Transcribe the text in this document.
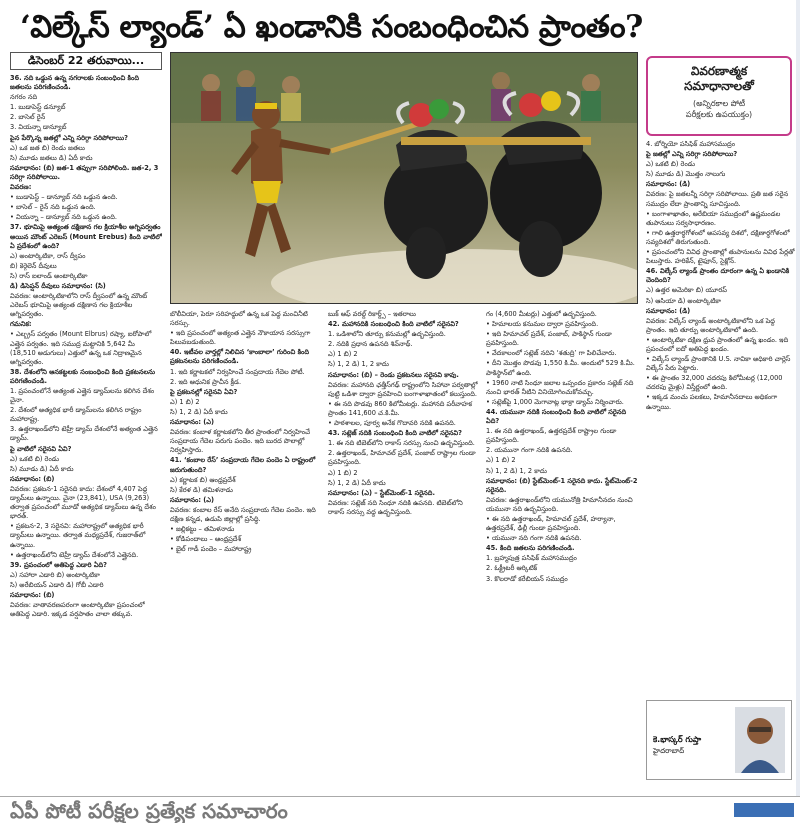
‘విల్కేస్ ల్యాండ్’ ఏ ఖండానికి సంబంధించిన ప్రాంతం?
డిసెంబర్ 22 తరువాయి...

36. నది ఒడ్డున ఉన్న నగరాలకు సంబంధించి కింది జతలను పరిగణించండి.

నగరం నది

1. బుడాపెస్ట్ డన్యూబ్

2. బాసెల్ రైన్

3. వియన్నా డాన్యూబ్

పైన పేర్కొన్న జతల్లో ఎన్ని సరిగ్గా సరిపోలాయి?

ఎ) ఒక జత బి) రెండు జతలు

సి) మూడు జతలు డి) ఏదీ కాదు

సమాధానం: (బి) జత-1 తప్పుగా సరిపోలింది. జత-2, 3 సరిగ్గా సరిపోలాయి.

వివరణ:

• బుడాపెస్ట్ – డాన్యూబ్ నది ఒడ్డున ఉంది.

• బాసెల్ – రైన్ నది ఒడ్డున ఉంది.

• వియన్నా – డాన్యూబ్ నది ఒడ్డున ఉంది.

37. భూమిపై అత్యంత దక్షిణాన గల క్రియాశీల అగ్నిపర్వతం అయిన మౌంట్ ఎరెబస్ (Mount Erebus) కింది వాటిలో ఏ ప్రదేశంలో ఉంది?

ఎ) అంటార్కిటికా, రాస్ ద్వీపం

బి) కెర్గెలెన్ దీవులు

సి) రాస్ ఐలాండ్ అంటార్కిటికా

డి) డిసెప్షన్ దీవులు సమాధానం: (సి)

వివరణ: అంటార్కిటికాలోని రాస్ ద్వీపంలో ఉన్న మౌంట్ ఎరెబస్ భూమిపై అత్యంత దక్షిణాన గల క్రియాశీల అగ్నిపర్వతం.

గమనిక:

• ఎల్బ్రస్ పర్వతం (Mount Elbrus) రష్యా, ఐరోపాలో ఎత్తైన పర్వతం. ఇది సముద్ర మట్టానికి 5,642 మీ (18,510 అడుగులు) ఎత్తులో ఉన్న ఒక నిద్రాణమైన అగ్నిపర్వతం.

38. దేశంలోని ఆనకట్టలకు సంబంధించి కింది ప్రకటనలను పరిగణించండి.

1. ప్రపంచంలోనే అత్యంత ఎత్తైన డ్యామ్‌లను కలిగిన దేశం చైనా.

2. దేశంలో అత్యధిక భారీ డ్యామ్‌లను కలిగిన రాష్ట్రం మహారాష్ట్ర.

3. ఉత్తరాఖండ్‌లోని టెహ్రీ డ్యామ్ దేశంలోనే అత్యంత ఎత్తైన డ్యామ్.

పై వాటిలో సరైనవి ఏవి?

ఎ) ఒకటి బి) రెండు

సి) మూడు డి) ఏదీ కాదు

సమాధానం: (బి)

వివరణ: ప్రకటన-1 సరైనది కాదు: దేశంలో 4,407 పెద్ద డ్యామ్‌లు ఉన్నాయి. చైనా (23,841), USA (9,263) తర్వాత ప్రపంచంలో మూడో అత్యధిక డ్యామ్‌లు ఉన్న దేశం భారత్.

• ప్రకటన-2, 3 సరైనవి: మహారాష్ట్రలో అత్యధిక భారీ డ్యామ్‌లు ఉన్నాయి. తర్వాత మధ్యప్రదేశ్, గుజరాత్‌లో ఉన్నాయి.

• ఉత్తరాఖండ్‌లోని టెహ్రీ డ్యామ్ దేశంలోనే ఎత్తైనది.

39. ప్రపంచంలో అతిపెద్ద ఎడారి ఏది?

ఎ) సహారా ఎడారి బి) అంటార్కిటికా

సి) అరేబియన్ ఎడారి డి) గోబీ ఎడారి

సమాధానం: (బి)

వివరణ: వాతావరణపరంగా అంటార్కిటికా ప్రపంచంలో అతిపెద్ద ఎడారి. ఇక్కడ వర్షపాతం చాలా తక్కువ.

బొలీవియా, పెరూ సరిహద్దులో ఉన్న ఒక పెద్ద మంచినీటి సరస్సు.

• ఇది ప్రపంచంలో అత్యంత ఎత్తైన నౌకాయాన సరస్సుగా పిలువబడుతుంది.

40. ఇటీవల వార్తల్లో నిలిచిన ‘కాంబాలా’ గురించి కింది ప్రకటనలను పరిగణించండి.

1. ఇది కర్ణాటకలో నిర్వహించే సంప్రదాయ గేదెల పోటీ.

2. ఇది ఆధునిక ప్రాచీన క్రీడ.

పై ప్రకటనల్లో సరైనవి ఏవి?

ఎ) 1 బి) 2

సి) 1, 2 డి) ఏదీ కాదు

సమాధానం: (ఎ)

వివరణ: కంబాళ కర్ణాటకలోని తీర ప్రాంతంలో నిర్వహించే సంప్రదాయ గేదెల పరుగు పందెం. ఇది బురద పొలాల్లో నిర్వహిస్తారు.

41. ‘కంబాల రేస్’ సంప్రదాయ గేదెల పందెం ఏ రాష్ట్రంలో జరుగుతుంది?

ఎ) కర్ణాటక బి) ఆంధ్రప్రదేశ్

సి) కేరళ డి) తమిళనాడు

సమాధానం: (ఎ)

వివరణ: కంబాల రేస్ అనేది సంప్రదాయ గేదెల పందెం. ఇది దక్షిణ కన్నడ, ఉడుపి జిల్లాల్లో ప్రసిద్ధి.

• జల్లికట్టు – తమిళనాడు

• కోడిపందాలు – ఆంధ్రప్రదేశ్

• బైల్ గాడీ పందెం – మహారాష్ట్ర

బుక్ ఆఫ్ వరల్డ్ రికార్డ్స్ – ఇతరాలు

42. మహానదికి సంబంధించి కింది వాటిలో సరైనవి?

1. ఒడిశాలోని తూర్పు కనుమల్లో ఉద్భవిస్తుంది.

2. నదికి ప్రధాన ఉపనది శివ్‌నాథ్.

ఎ) 1 బి) 2

సి) 1, 2 డి) 1, 2 కాదు

సమాధానం: (బి) – రెండు ప్రకటనలు సరైనవి కావు.

వివరణ: మహానది ఛత్తీస్‌గఢ్ రాష్ట్రంలోని సిహావా పర్వతాల్లో పుట్టి ఒడిశా ద్వారా ప్రవహించి బంగాళాఖాతంలో కలుస్తుంది.

• ఈ నది పొడవు 860 కిలోమీటర్లు. మహానది పరీవాహక ప్రాంతం 141,600 చ.కి.మీ.

• పాఠశాలల, పూర్వ అనేక గొదావరి నదికి ఉపనది.

43. సట్లెజ్ నదికి సంబంధించి కింది వాటిలో సరైనవి?

1. ఈ నది టిబెట్‌లోని రాకాస్ సరస్సు నుంచి ఉద్భవిస్తుంది.

2. ఉత్తరాఖండ్, హిమాచల్ ప్రదేశ్, పంజాబ్ రాష్ట్రాల గుండా ప్రవహిస్తుంది.

ఎ) 1 బి) 2

సి) 1, 2 డి) ఏదీ కాదు

సమాధానం: (ఎ) – స్టేట్‌మెంట్-1 సరైనది.

వివరణ: సట్లెజ్ నది సింధూ నదికి ఉపనది. టిబెట్‌లోని రాకాస్ సరస్సు వద్ద ఉద్భవిస్తుంది.

గం (4,600 మీటర్లు) ఎత్తులో ఉద్భవిస్తుంది.

• హిమాలయ కనుమల ద్వారా ప్రవహిస్తుంది.

• ఇది హిమాచల్ ప్రదేశ్, పంజాబ్, పాకిస్థాన్ గుండా ప్రవహిస్తుంది.

• వేదకాలంలో సట్లెజ్ నదిని ‘శతుద్రి’ గా పిలిచేవారు.

• దీని మొత్తం పొడవు 1,550 కి.మీ. అందులో 529 కి.మీ. పాకిస్థాన్‌లో ఉంది.

• 1960 నాటి సింధూ జలాల ఒప్పందం ప్రకారం సట్లెజ్ నది నుంచి భారత్ నీటిని వినియోగించుకోవచ్చు.

• సట్లెజ్‌పై 1,000 మెగావాట్ల భాక్రా డ్యామ్ నిర్మించారు.

44. యమునా నదికి సంబంధించి కింది వాటిలో సరైనది ఏది?

1. ఈ నది ఉత్తరాఖండ్, ఉత్తరప్రదేశ్ రాష్ట్రాల గుండా ప్రవహిస్తుంది.

2. యమునా గంగా నదికి ఉపనది.

ఎ) 1 బి) 2

సి) 1, 2 డి) 1, 2 కాదు

సమాధానం: (బి) స్టేట్‌మెంట్-1 సరైనది కాదు. స్టేట్‌మెంట్-2 సరైనది.

వివరణ: ఉత్తరాఖండ్‌లోని యమునోత్రి హిమానీనదం నుంచి యమునా నది ఉద్భవిస్తుంది.

• ఈ నది ఉత్తరాఖండ్, హిమాచల్ ప్రదేశ్, హర్యానా, ఉత్తరప్రదేశ్, ఢిల్లీ గుండా ప్రవహిస్తుంది.

• యమునా నది గంగా నదికి ఉపనది.

45. కింది జతలను పరిగణించండి.

1. బ్రహ్మపుత్ర పసిఫిక్ మహాసముద్రం

2. ఓక్ట్రీటరీ ఆర్కిటిక్

3. కొలరాడో కరేబియన్ సముద్రం

వివరణాత్మక
సమాధానాలతో
(అన్నిరకాల పోటీ
పరీక్షలకు ఉపయుక్తం)

4. బోర్నియో పసిఫిక్ మహాసముద్రం

పై జతల్లో ఎన్ని సరిగ్గా సరిపోలాయి?

ఎ) ఒకటి బి) రెండు

సి) మూడు డి) మొత్తం నాలుగు

సమాధానం: (డి)

వివరణ: పై జతలన్నీ సరిగ్గా సరిపోలాయి. ప్రతి జత సరైన సముద్రం లేదా ప్రాంతాన్ని సూచిస్తుంది.

• బంగాళాఖాతం, అరేబియా సముద్రంలో ఉష్ణమండల తుపానులు సర్వసాధారణం.

• గాలి ఉత్తరార్ధగోళంలో అపసవ్య దిశలో, దక్షిణార్ధగోళంలో సవ్యదిశలో తిరుగుతుంది.

• ప్రపంచంలోని వివిధ ప్రాంతాల్లో తుపానులను వివిధ పేర్లతో పిలుస్తారు. హరికేన్, టైఫూన్, సైక్లోన్.

46. విల్కేస్ ల్యాండ్ ప్రాంతం దూరంగా ఉన్న ఏ ఖండానికి చెందింది?

ఎ) ఉత్తర అమెరికా బి) యూరప్

సి) ఆసియా డి) అంటార్కిటికా

సమాధానం: (డి)

వివరణ: విల్కేస్ ల్యాండ్ అంటార్కిటికాలోని ఒక పెద్ద ప్రాంతం. ఇది తూర్పు అంటార్కిటికాలో ఉంది.

• అంటార్కిటికా దక్షిణ ధ్రువ ప్రాంతంలో ఉన్న ఖండం. ఇది ప్రపంచంలో ఐదో అతిపెద్ద ఖండం.

• విల్కేస్ ల్యాండ్ ప్రాంతానికి U.S. నావికా అధికారి చార్లెస్ విల్కేస్ పేరు పెట్టారు.

• ఈ ప్రాంతం 32,000 చదరపు కిలోమీటర్ల (12,000 చదరపు మైళ్లు) విస్తీర్ణంలో ఉంది.

• ఇక్కడ మంచు పలకలు, హిమానీనదాలు అధికంగా ఉన్నాయి.

కె.భాస్కర్ గుప్తా
హైదరాబాద్
ఏపీ పోటీ పరీక్షల ప్రత్యేక సమాచారం
